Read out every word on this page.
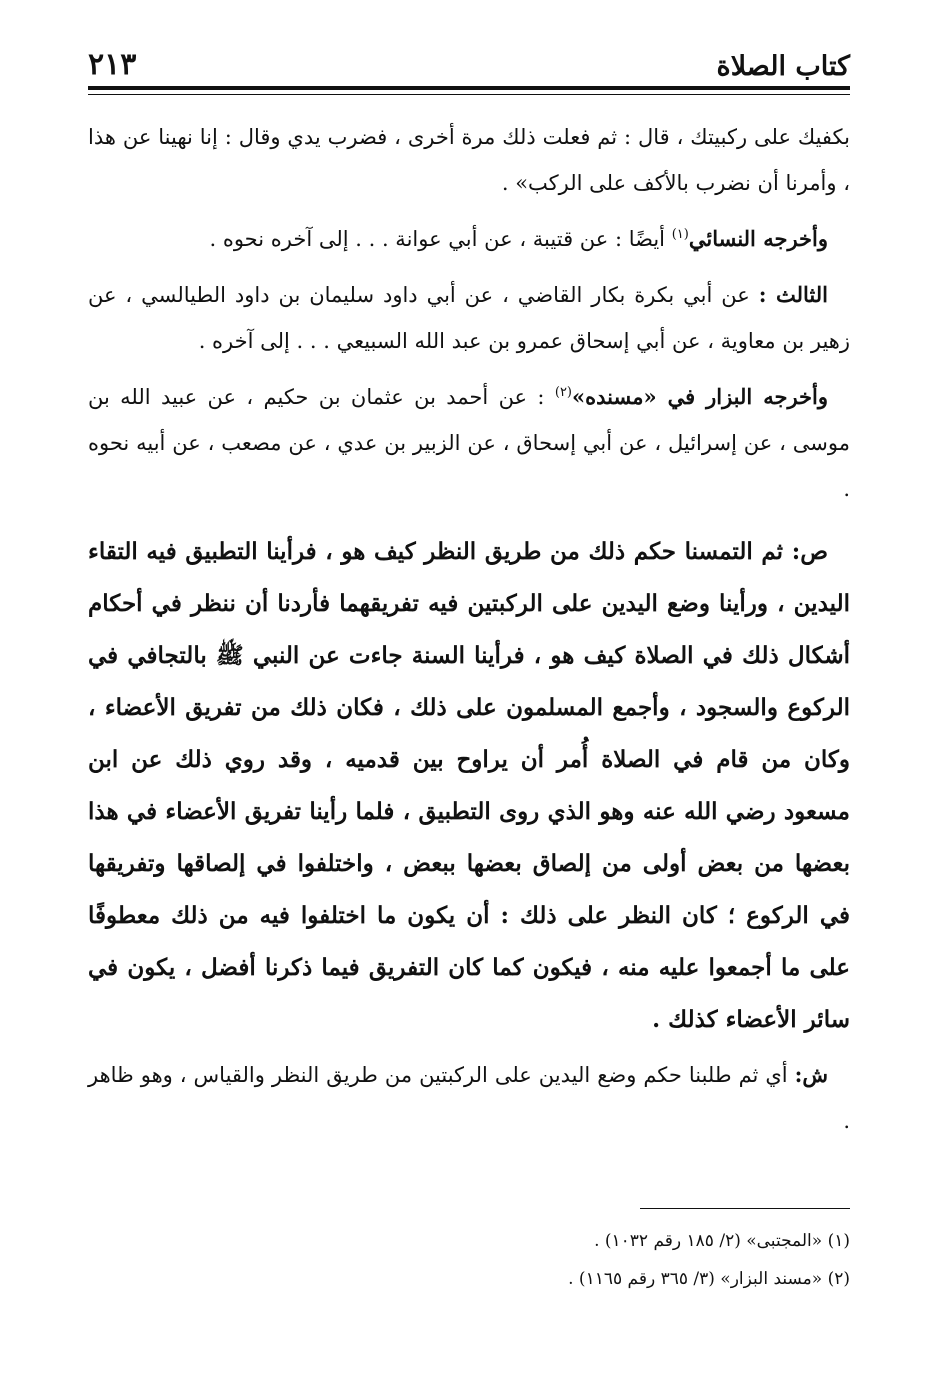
كتاب الصلاة
٢١٣

بكفيك على ركبيتك ، قال : ثم فعلت ذلك مرة أخرى ، فضرب يدي وقال : إنا نهينا عن هذا ، وأمرنا أن نضرب بالأكف على الركب» .

وأخرجه النسائي$^{(١)}$ أيضًا : عن قتيبة ، عن أبي عوانة . . . إلى آخره نحوه .

الثالث : عن أبي بكرة بكار القاضي ، عن أبي داود سليمان بن داود الطيالسي ، عن زهير بن معاوية ، عن أبي إسحاق عمرو بن عبد الله السبيعي . . . إلى آخره .

وأخرجه البزار في «مسنده»$^{(٢)}$ : عن أحمد بن عثمان بن حكيم ، عن عبيد الله بن موسى ، عن إسرائيل ، عن أبي إسحاق ، عن الزبير بن عدي ، عن مصعب ، عن أبيه نحوه .

ص: ثم التمسنا حكم ذلك من طريق النظر كيف هو ، فرأينا التطبيق فيه التقاء اليدين ، ورأينا وضع اليدين على الركبتين فيه تفريقهما فأردنا أن ننظر في أحكام أشكال ذلك في الصلاة كيف هو ، فرأينا السنة جاءت عن النبي ﷺ بالتجافي في الركوع والسجود ، وأجمع المسلمون على ذلك ، فكان ذلك من تفريق الأعضاء ، وكان من قام في الصلاة أُمر أن يراوح بين قدميه ، وقد روي ذلك عن ابن مسعود رضي الله عنه وهو الذي روى التطبيق ، فلما رأينا تفريق الأعضاء في هذا بعضها من بعض أولى من إلصاق بعضها ببعض ، واختلفوا في إلصاقها وتفريقها في الركوع ؛ كان النظر على ذلك : أن يكون ما اختلفوا فيه من ذلك معطوفًا على ما أجمعوا عليه منه ، فيكون كما كان التفريق فيما ذكرنا أفضل ، يكون في سائر الأعضاء كذلك .

ش: أي ثم طلبنا حكم وضع اليدين على الركبتين من طريق النظر والقياس ، وهو ظاهر .

(١) «المجتبى» (٢/ ١٨٥ رقم ١٠٣٢) .
(٢) «مسند البزار» (٣/ ٣٦٥ رقم ١١٦٥) .
